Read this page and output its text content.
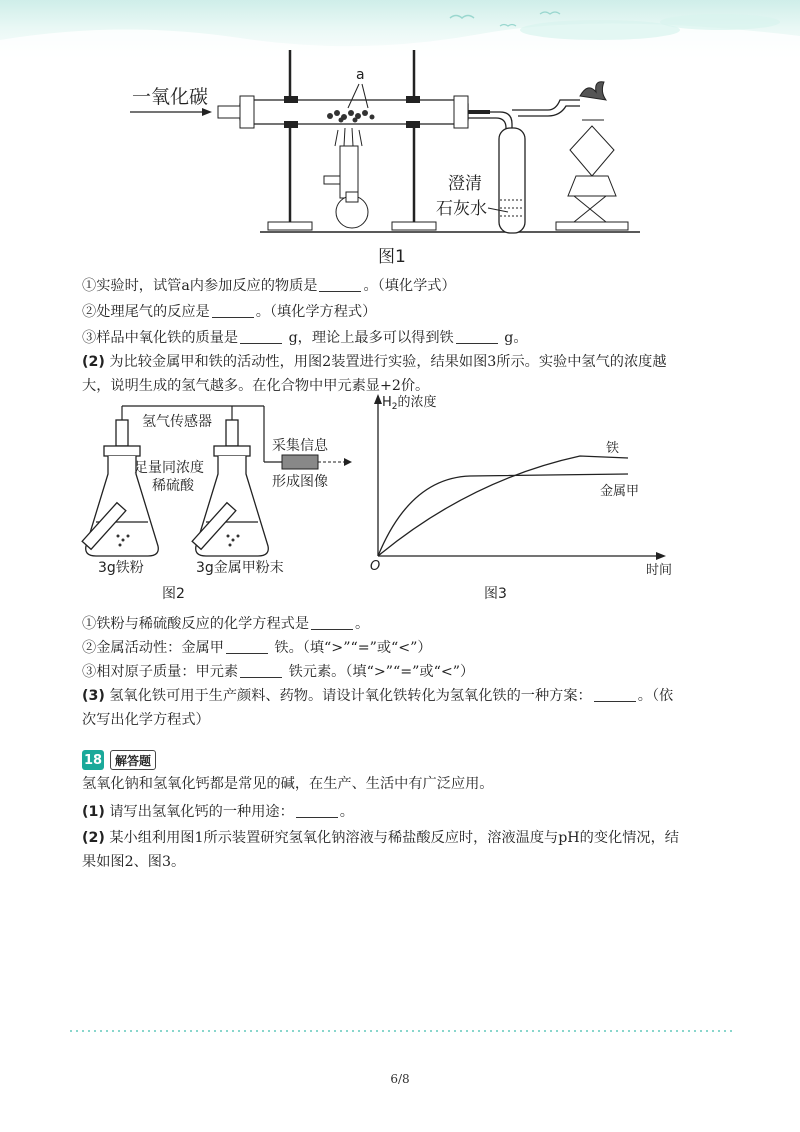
一氧化碳
a
澄清
石灰水
图1
①实验时，试管a内参加反应的物质是	。（填化学式）
②处理尾气的反应是	。（填化学方程式）
③样品中氧化铁的质量是	g，理论上最多可以得到铁	g。
(2) 为比较金属甲和铁的活动性，用图2装置进行实验，结果如图3所示。实验中氢气的浓度越
大，说明生成的氢气越多。在化合物中甲元素显+2价。
氢气传感器
足量同浓度
稀硫酸
3g铁粉	3g金属甲粉末
采集信息
形成图像
图2
$H_2$的浓度
时间
O
铁
金属甲
图3
①铁粉与稀硫酸反应的化学方程式是	。
②金属活动性：金属甲	铁。（填“>”“=”或“<”）
③相对原子质量：甲元素	铁元素。（填“>”“=”或“<”）
(3) 氢氧化铁可用于生产颜料、药物。请设计氧化铁转化为氢氧化铁的一种方案：	。（依
次写出化学方程式）
18	解答题
氢氧化钠和氢氧化钙都是常见的碱，在生产、生活中有广泛应用。
(1) 请写出氢氧化钙的一种用途：	。
(2) 某小组利用图1所示装置研究氢氧化钠溶液与稀盐酸反应时，溶液温度与pH的变化情况，结
果如图2、图3。
6/8
